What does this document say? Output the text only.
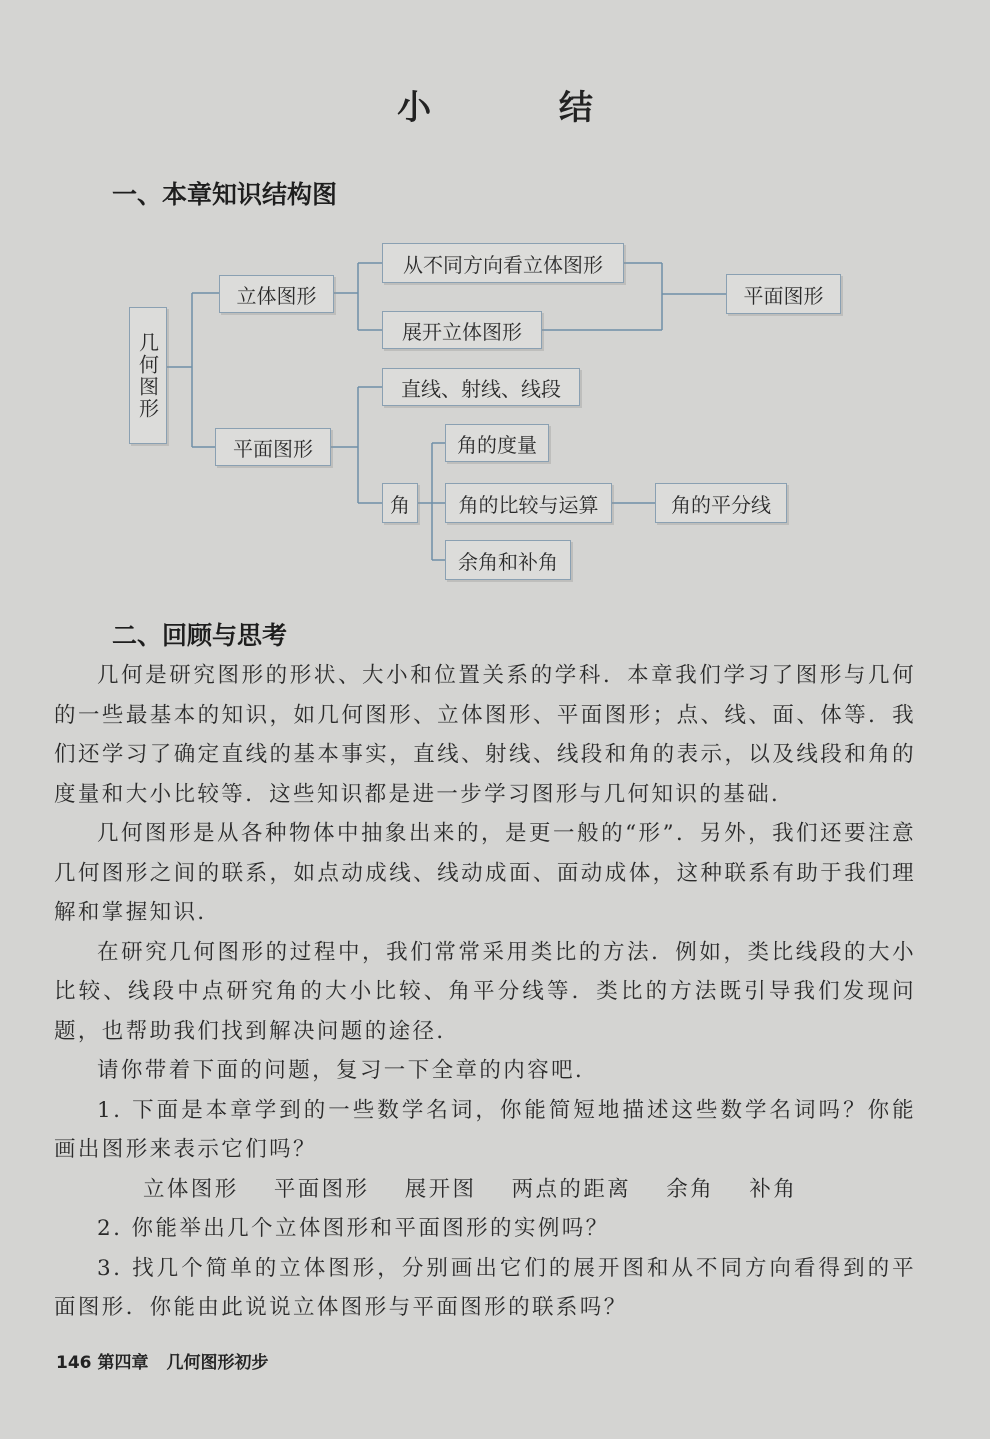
小 结
一、本章知识结构图
几何图形
立体图形
从不同方向看立体图形
展开立体图形
平面图形
平面图形
直线、射线、线段
角
角的度量
角的比较与运算	角的平分线
余角和补角
二、回顾与思考

几何是研究图形的形状、大小和位置关系的学科．本章我们学习了图形与几何的一些最基本的知识，如几何图形、立体图形、平面图形；点、线、面、体等．我们还学习了确定直线的基本事实，直线、射线、线段和角的表示，以及线段和角的度量和大小比较等．这些知识都是进一步学习图形与几何知识的基础．

几何图形是从各种物体中抽象出来的，是更一般的“形”．另外，我们还要注意几何图形之间的联系，如点动成线、线动成面、面动成体，这种联系有助于我们理解和掌握知识．

在研究几何图形的过程中，我们常常采用类比的方法．例如，类比线段的大小比较、线段中点研究角的大小比较、角平分线等．类比的方法既引导我们发现问题，也帮助我们找到解决问题的途径．

请你带着下面的问题，复习一下全章的内容吧．

1. 下面是本章学到的一些数学名词，你能简短地描述这些数学名词吗？你能画出图形来表示它们吗？

立体图形 平面图形 展开图 两点的距离 余角 补角

2. 你能举出几个立体图形和平面图形的实例吗？

3. 找几个简单的立体图形，分别画出它们的展开图和从不同方向看得到的平面图形．你能由此说说立体图形与平面图形的联系吗？

146 第四章 几何图形初步
